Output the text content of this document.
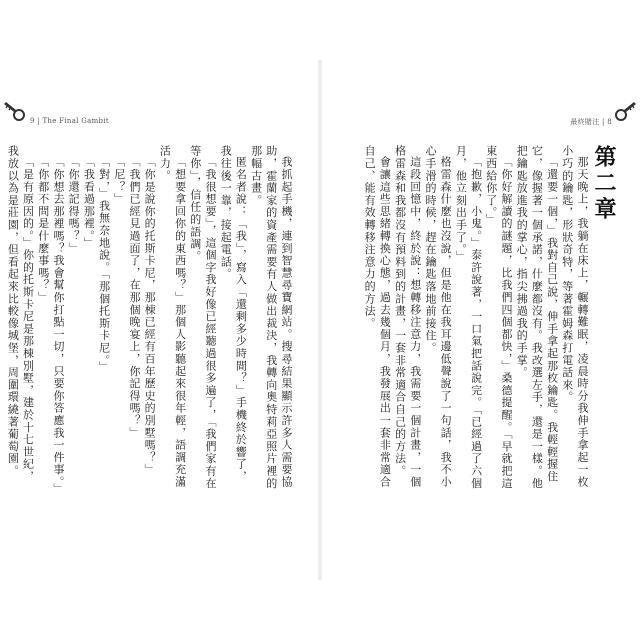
9 | The Final Gambit

我抓起手機，連到智慧尋寶網站。搜尋結果顯示許多人需要協助，霍蘭家的資產需要有人做出裁決，我轉向奧特莉亞照片裡的那幅古畫。

匿名者說：「我」，寫入「還剩多少時間？」手機終於響了，我往後一靠，接起電話。

「我很想要」，這個字我好像已經聽過很多遍了，「我們家有在等你」，信任的語調。

「想要拿回你的東西嗎？」那個人影聽起來很年輕，語調充滿活力。

「你是說你的托斯卡尼，那棟已經有百年歷史的別墅嗎？」

「我們已經見過面了，在那個晚宴上，你記得嗎？」

「尼？」

「對，」我無奈地說。「那個托斯卡尼。」

「我看過那裡。」

「你還記得嗎？」

「你想去那裡嗎？我會幫你打點一切，只要你答應我一件事。」

「你都不問是什麼事嗎？」

「是有原因的。」你的托斯卡尼是那棟別墅，建於十七世紀，我放以為是莊園，但看起來比較像城堡，周圍環繞著葡萄園。

最終賭注 | 8
第二章

那天晚上，我躺在床上，輾轉難眠，凌晨時分我伸手拿起一枚小巧的鑰匙，形狀奇特，等著霍姆森打電話來。

「還要一個，」我對自己說，伸手拿起那枚鑰匙。我輕輕握住它，像握著一個承諾，什麼都沒有。我改選左手，還是一樣。他把鑰匙放進我的掌心，指尖拂過我的手掌。

「你好解讀的謎題，比我們四個都快，」桑德提醒。「早就把這東西給你了。」

「抱歉，小鬼。」泰許說著，一口氣把話說完。「已經過了六個月，他立刻出手了。」

格雷森什麼也沒說，但是他在我耳邊低聲說了一句話，我不小心手滑的時候，趕在鑰匙落地前接住。

這段回憶中，終於說：想轉移注意力，我需要一個計畫，一個格雷森和我都沒有預料到的計畫，一套非常適合自己的方法。

會讓這些思緒轉換心態，過去幾個月，我發展出一套非常適合自己、能有效轉移注意力的方法。
